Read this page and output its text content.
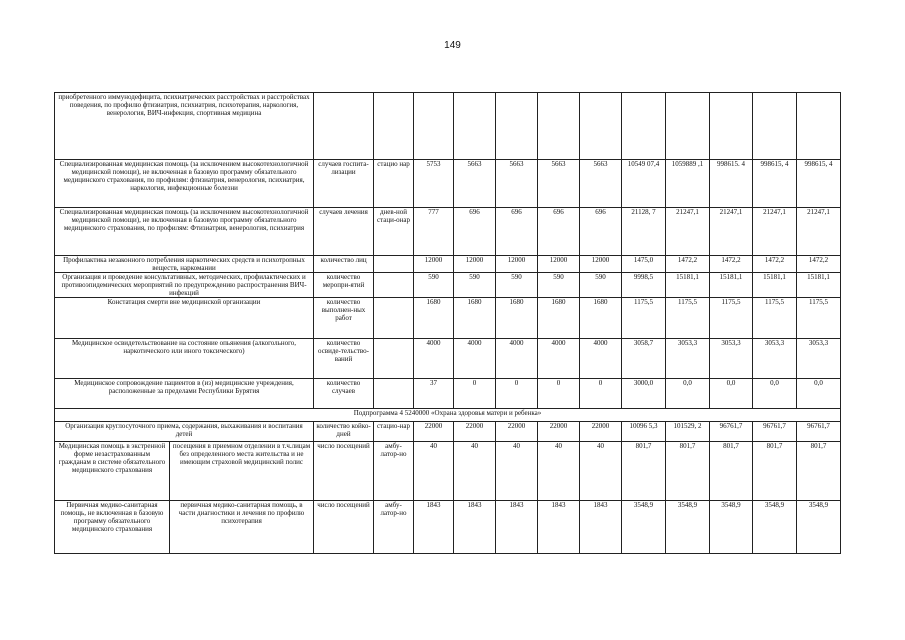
149
приобретенного иммунодефицита, психиатрических расстройствах и расстройствах поведения, по профилю фтизиатрия, психиатрия, психотерапия, наркология, венерология, ВИЧ-инфекция, спортивная медицина													
Специализированная медицинская помощь (за исключением высокотехнологичной медицинской помощи), не включенная в базовую программу обязательного медицинского страхования, по профилям: фтизиатрия, венерология, психиатрия, наркология, инфекционные болезни		случаев госпита-лизации	стацио нар	5753	5663	5663	5663	5663	10549 07,4	1059889 ,1	998615. 4	998615, 4	998615, 4
Специализированная медицинская помощь (за исключением высокотехнологичной медицинской помощи), не включенная в базовую программу обязательного медицинского страхования, по профилям: Фтизиатрия, венерология, психиатрия		случаев лечения	днев-ной стаци-онар	777	696	696	696	696	21128, 7	21247,1	21247,1	21247,1	21247,1
Профилактика незаконного потребления наркотических средств и психотропных веществ, наркомании		количество лиц		12000	12000	12000	12000	12000	1475,0	1472,2	1472,2	1472,2	1472,2
Организация и проведение консультативных, методических, профилактических и противоэпидемических мероприятий по предупреждению распространения ВИЧ-инфекций		количество меропри-ятий		590	590	590	590	590	9998,5	15181,1	15181,1	15181,1	15181,1
Констатация смерти вне медицинской организации		количество выполнен-ных работ		1680	1680	1680	1680	1680	1175,5	1175,5	1175,5	1175,5	1175,5
Медицинское освидетельствование на состояние опьянения (алкогольного, наркотического или иного токсического)		количество освиде-тельство-ваний		4000	4000	4000	4000	4000	3058,7	3053,3	3053,3	3053,3	3053,3
Медицинское сопровождение пациентов в (из) медицинские учреждения, расположенные за пределами Республики Бурятия		количество случаев		37	0	0	0	0	3000,0	0,0	0,0	0,0	0,0
Подпрограмма 4 5240000 «Охрана здоровья матери и ребенка»													
Организация круглосуточного приема, содержания, выхаживания и воспитания детей		количество койко-дней	стацио-нар	22000	22000	22000	22000	22000	10096 5,3	101529, 2	96761,7	96761,7	96761,7
Медицинская помощь в экстренной форме незастрахованным гражданам в системе обязательного медицинского страхования	посещения в приемном отделении в т.ч.лицам без определенного места жительства и не имеющим страховой медицинский полис	число посещений	амбу-латор-но	40	40	40	40	40	801,7	801,7	801,7	801,7	801,7
Первичная медико-санитарная помощь, не включенная в базовую программу обязательного медицинского страхования	первичная медико-санитарная помощь, в части диагностики и лечения по профилю психотерапия	число посещений	амбу-латор-но	1843	1843	1843	1843	1843	3548,9	3548,9	3548,9	3548,9	3548,9
